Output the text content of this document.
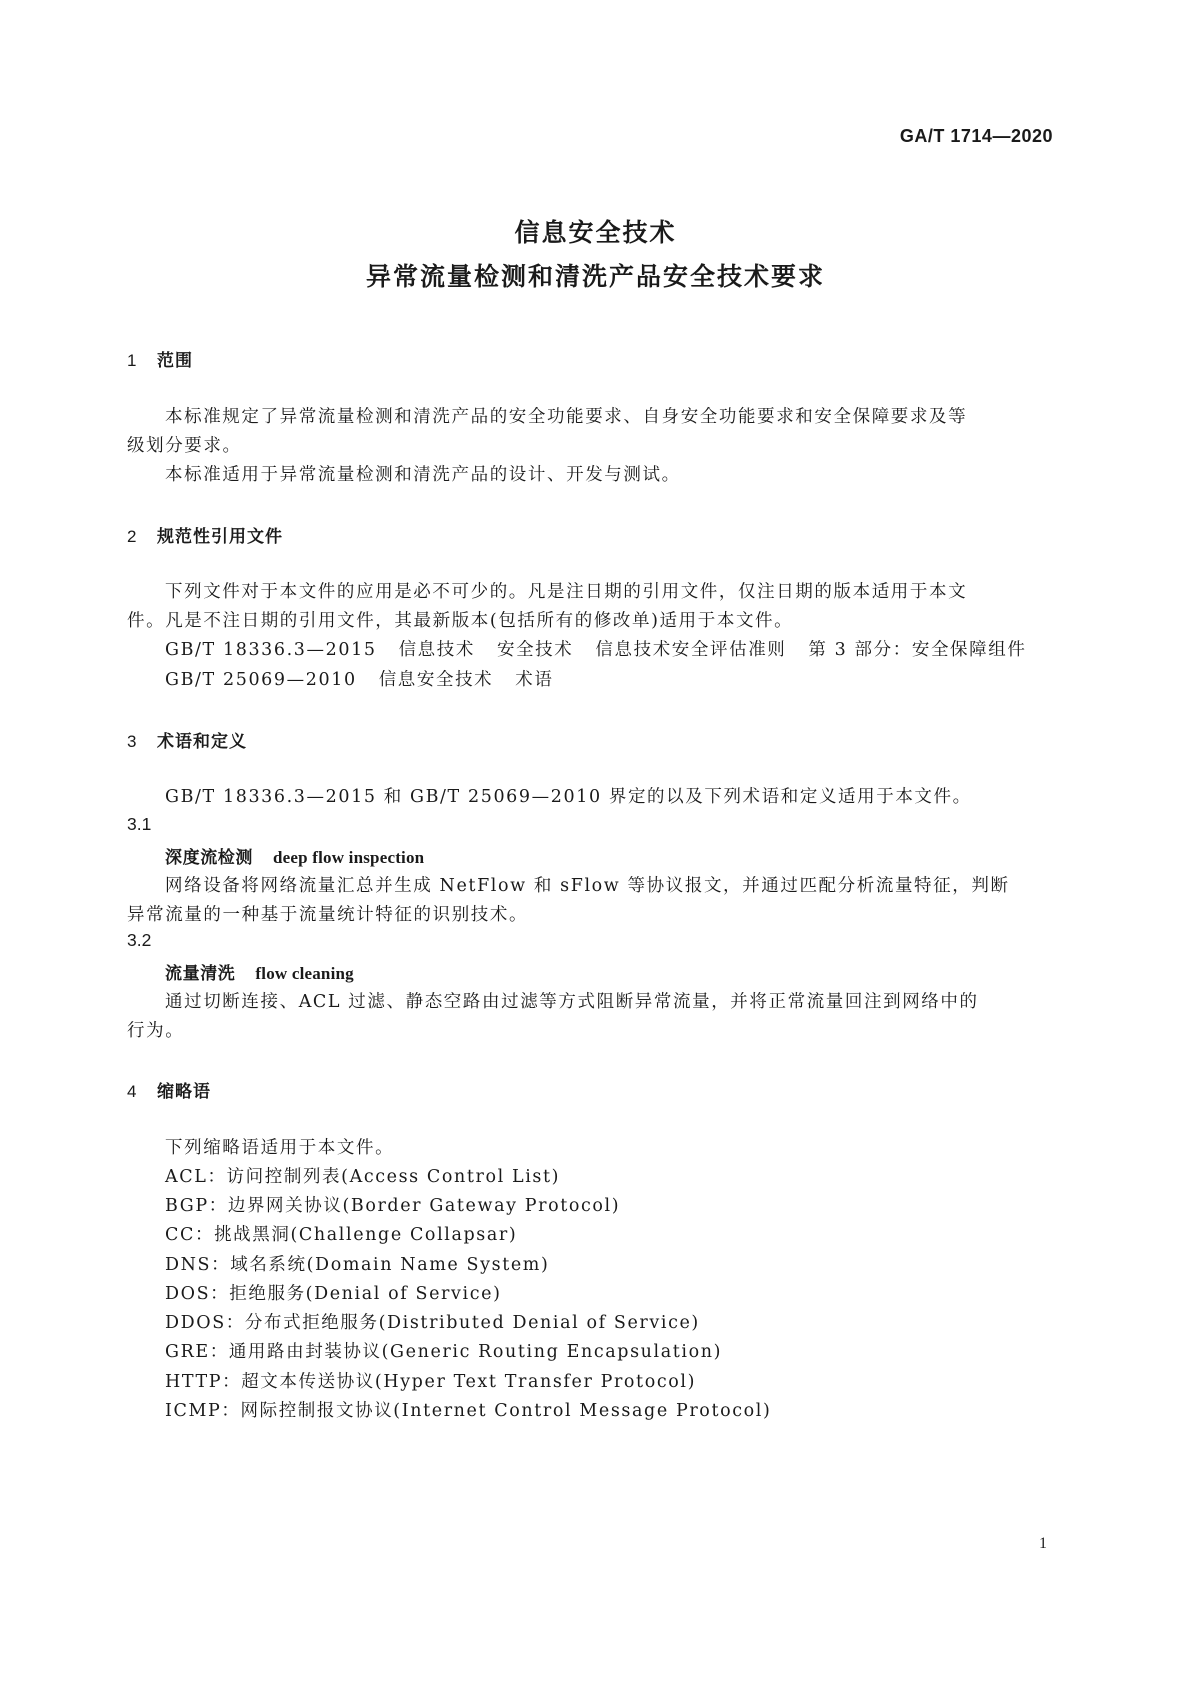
GA/T 1714—2020
信息安全技术
异常流量检测和清洗产品安全技术要求
1 范围
本标准规定了异常流量检测和清洗产品的安全功能要求、自身安全功能要求和安全保障要求及等
级划分要求。
本标准适用于异常流量检测和清洗产品的设计、开发与测试。
2 规范性引用文件
下列文件对于本文件的应用是必不可少的。凡是注日期的引用文件，仅注日期的版本适用于本文
件。凡是不注日期的引用文件，其最新版本(包括所有的修改单)适用于本文件。
GB/T 18336.3—2015 信息技术 安全技术 信息技术安全评估准则 第 3 部分：安全保障组件
GB/T 25069—2010 信息安全技术 术语
3 术语和定义
GB/T 18336.3—2015 和 GB/T 25069—2010 界定的以及下列术语和定义适用于本文件。
3.1
深度流检测 deep flow inspection
网络设备将网络流量汇总并生成 NetFlow 和 sFlow 等协议报文，并通过匹配分析流量特征，判断
异常流量的一种基于流量统计特征的识别技术。
3.2
流量清洗 flow cleaning
通过切断连接、ACL 过滤、静态空路由过滤等方式阻断异常流量，并将正常流量回注到网络中的
行为。
4 缩略语
下列缩略语适用于本文件。
ACL：访问控制列表(Access Control List)
BGP：边界网关协议(Border Gateway Protocol)
CC：挑战黑洞(Challenge Collapsar)
DNS：域名系统(Domain Name System)
DOS：拒绝服务(Denial of Service)
DDOS：分布式拒绝服务(Distributed Denial of Service)
GRE：通用路由封装协议(Generic Routing Encapsulation)
HTTP：超文本传送协议(Hyper Text Transfer Protocol)
ICMP：网际控制报文协议(Internet Control Message Protocol)
1
